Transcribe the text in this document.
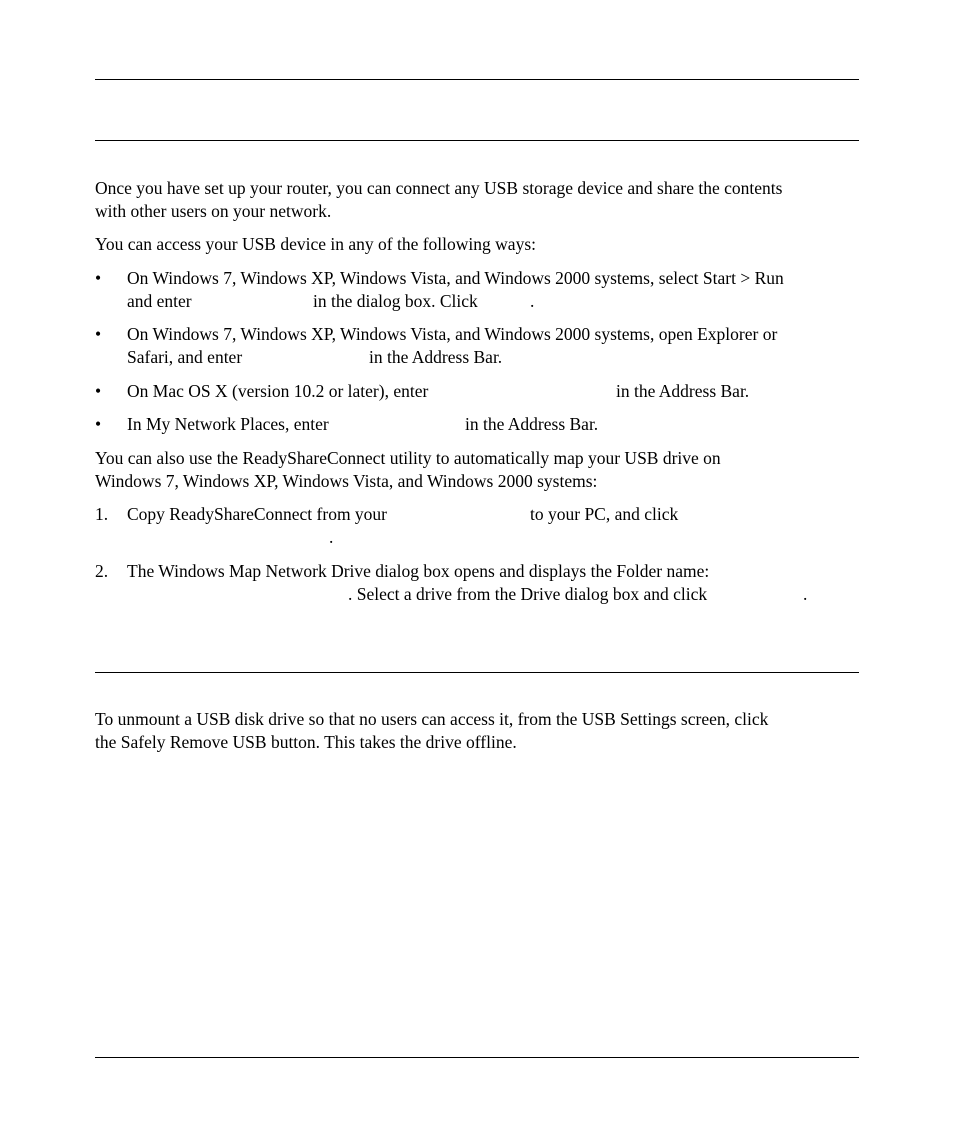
Once you have set up your router, you can connect any USB storage device and share the contents
with other users on your network.
You can access your USB device in any of the following ways:
• On Windows 7, Windows XP, Windows Vista, and Windows 2000 systems, select Start > Run
and enter	in the dialog box. Click	.
• On Windows 7, Windows XP, Windows Vista, and Windows 2000 systems, open Explorer or
Safari, and enter	in the Address Bar.
• On Mac OS X (version 10.2 or later), enter	in the Address Bar.
• In My Network Places, enter	in the Address Bar.
You can also use the ReadyShareConnect utility to automatically map your USB drive on
Windows 7, Windows XP, Windows Vista, and Windows 2000 systems:
1. Copy ReadyShareConnect from your	to your PC, and click
.
2. The Windows Map Network Drive dialog box opens and displays the Folder name:
. Select a drive from the Drive dialog box and click	.
To unmount a USB disk drive so that no users can access it, from the USB Settings screen, click
the Safely Remove USB button. This takes the drive offline.
